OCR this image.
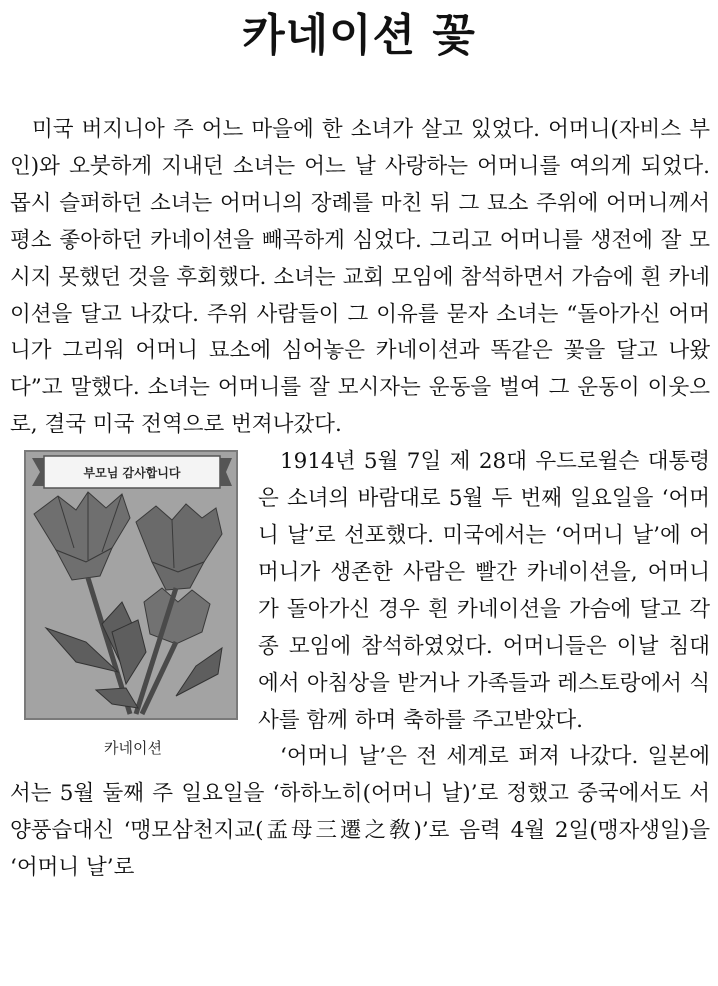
카네이션 꽃

미국 버지니아 주 어느 마을에 한 소녀가 살고 있었다. 어머니(자비스 부인)와 오붓하게 지내던 소녀는 어느 날 사랑하는 어머니를 여의게 되었다. 몹시 슬퍼하던 소녀는 어머니의 장례를 마친 뒤 그 묘소 주위에 어머니께서 평소 좋아하던 카네이션을 빼곡하게 심었다. 그리고 어머니를 생전에 잘 모시지 못했던 것을 후회했다. 소녀는 교회 모임에 참석하면서 가슴에 흰 카네이션을 달고 나갔다. 주위 사람들이 그 이유를 묻자 소녀는 “돌아가신 어머니가 그리워 어머니 묘소에 심어놓은 카네이션과 똑같은 꽃을 달고 나왔다”고 말했다. 소녀는 어머니를 잘 모시자는 운동을 벌여 그 운동이 이웃으로, 결국 미국 전역으로 번져나갔다.

부모님 감사합니다
카네이션

1914년 5월 7일 제 28대 우드로윌슨 대통령은 소녀의 바람대로 5월 두 번째 일요일을 ‘어머니 날’로 선포했다. 미국에서는 ‘어머니 날’에 어머니가 생존한 사람은 빨간 카네이션을, 어머니가 돌아가신 경우 흰 카네이션을 가슴에 달고 각종 모임에 참석하였었다. 어머니들은 이날 침대에서 아침상을 받거나 가족들과 레스토랑에서 식사를 함께 하며 축하를 주고받았다.

‘어머니 날’은 전 세계로 퍼져 나갔다. 일본에서는 5월 둘째 주 일요일을 ‘하하노히(어머니 날)’로 정했고 중국에서도 서양풍습대신 ‘맹모삼천지교(孟母三遷之敎)’로 음력 4월 2일(맹자생일)을 ‘어머니 날’로
